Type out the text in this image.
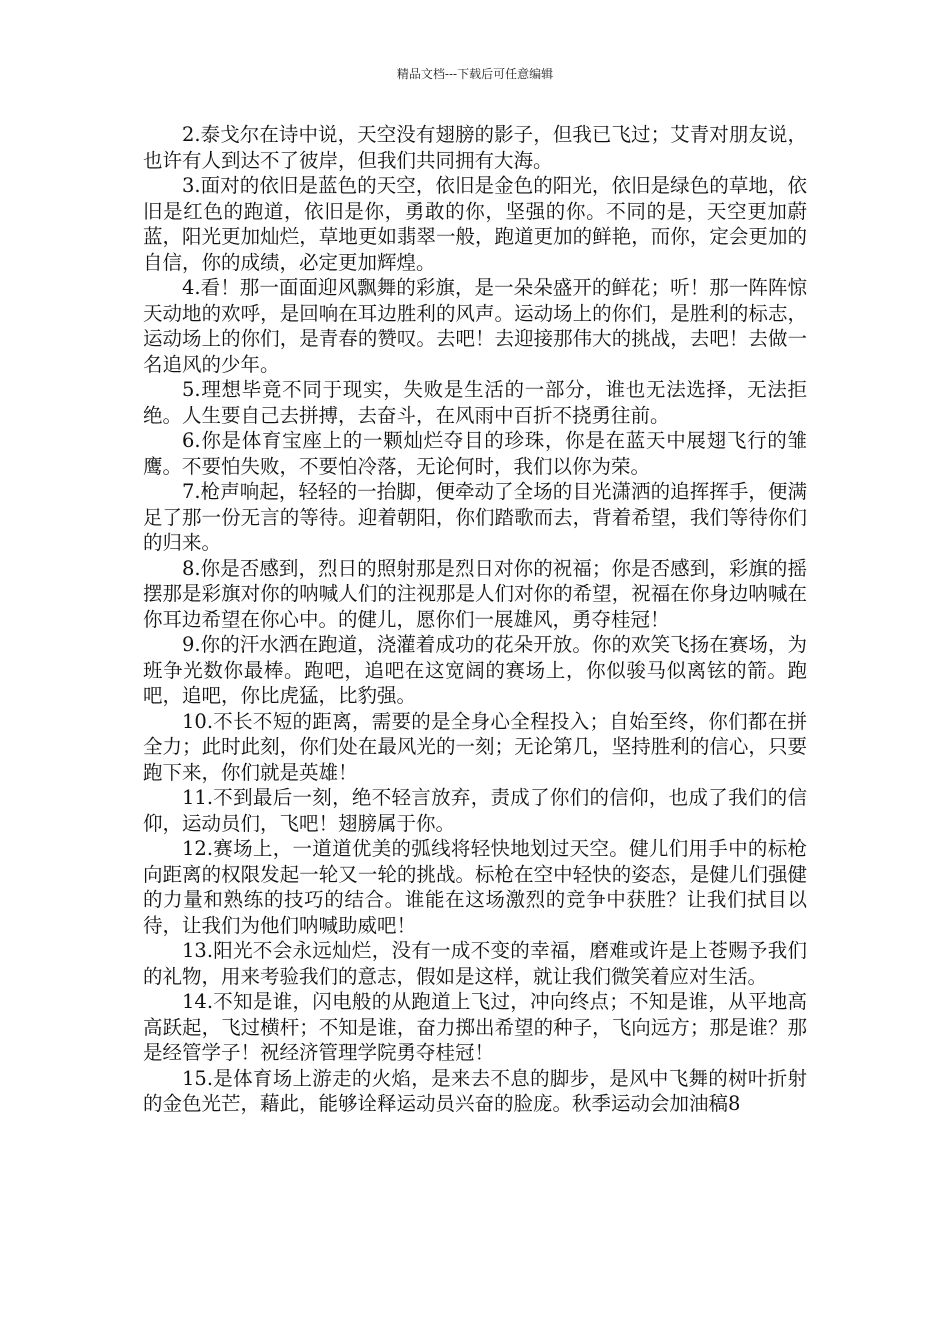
精品文档---下载后可任意编辑

2.泰戈尔在诗中说，天空没有翅膀的影子，但我已飞过；艾青对朋友说，也许有人到达不了彼岸，但我们共同拥有大海。

3.面对的依旧是蓝色的天空，依旧是金色的阳光，依旧是绿色的草地，依旧是红色的跑道，依旧是你，勇敢的你，坚强的你。不同的是，天空更加蔚蓝，阳光更加灿烂，草地更如翡翠一般，跑道更加的鲜艳，而你，定会更加的自信，你的成绩，必定更加辉煌。

4.看！那一面面迎风飘舞的彩旗，是一朵朵盛开的鲜花；听！那一阵阵惊天动地的欢呼，是回响在耳边胜利的风声。运动场上的你们，是胜利的标志，运动场上的你们，是青春的赞叹。去吧！去迎接那伟大的挑战，去吧！去做一名追风的少年。

5.理想毕竟不同于现实，失败是生活的一部分，谁也无法选择，无法拒绝。人生要自己去拼搏，去奋斗，在风雨中百折不挠勇往前。

6.你是体育宝座上的一颗灿烂夺目的珍珠，你是在蓝天中展翅飞行的雏鹰。不要怕失败，不要怕冷落，无论何时，我们以你为荣。

7.枪声响起，轻轻的一抬脚，便牵动了全场的目光潇洒的追挥挥手，便满足了那一份无言的等待。迎着朝阳，你们踏歌而去，背着希望，我们等待你们的归来。

8.你是否感到，烈日的照射那是烈日对你的祝福；你是否感到，彩旗的摇摆那是彩旗对你的呐喊人们的注视那是人们对你的希望，祝福在你身边呐喊在你耳边希望在你心中。的健儿，愿你们一展雄风，勇夺桂冠！

9.你的汗水洒在跑道，浇灌着成功的花朵开放。你的欢笑飞扬在赛场，为班争光数你最棒。跑吧，追吧在这宽阔的赛场上，你似骏马似离铉的箭。跑吧，追吧，你比虎猛，比豹强。

10.不长不短的距离，需要的是全身心全程投入；自始至终，你们都在拼全力；此时此刻，你们处在最风光的一刻；无论第几，坚持胜利的信心，只要跑下来，你们就是英雄！

11.不到最后一刻，绝不轻言放弃，责成了你们的信仰，也成了我们的信仰，运动员们，飞吧！翅膀属于你。

12.赛场上，一道道优美的弧线将轻快地划过天空。健儿们用手中的标枪向距离的权限发起一轮又一轮的挑战。标枪在空中轻快的姿态，是健儿们强健的力量和熟练的技巧的结合。谁能在这场激烈的竞争中获胜？让我们拭目以待，让我们为他们呐喊助威吧！

13.阳光不会永远灿烂，没有一成不变的幸福，磨难或许是上苍赐予我们的礼物，用来考验我们的意志，假如是这样，就让我们微笑着应对生活。

14.不知是谁，闪电般的从跑道上飞过，冲向终点；不知是谁，从平地高高跃起，飞过横杆；不知是谁，奋力掷出希望的种子，飞向远方；那是谁？那是经管学子！祝经济管理学院勇夺桂冠！

15.是体育场上游走的火焰，是来去不息的脚步，是风中飞舞的树叶折射的金色光芒，藉此，能够诠释运动员兴奋的脸庞。秋季运动会加油稿8
